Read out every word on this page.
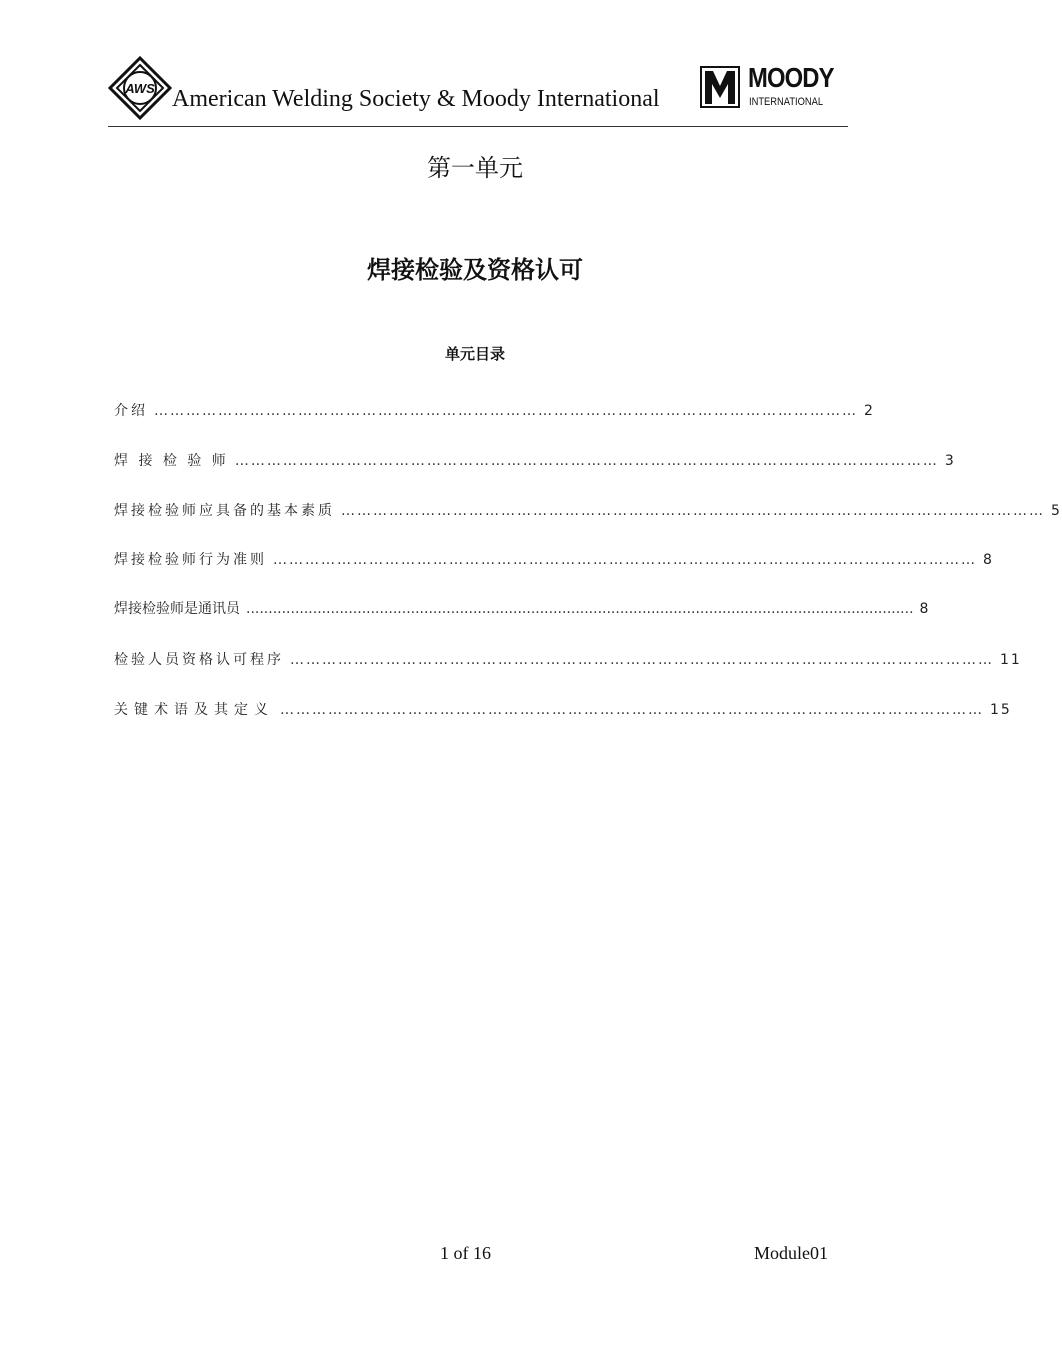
AWS American Welding Society & Moody International
MOODY
INTERNATIONAL
第一单元
焊接检验及资格认可
单元目录
介绍 …………………………………………………………………………………………………………………… 2
焊 接 检 验 师 …………………………………………………………………………………………………………………… 3
焊接检验师应具备的基本素质 …………………………………………………………………………………………………………………… 5
焊接检验师行为准则 …………………………………………………………………………………………………………………… 8
焊接检验师是通讯员 ...................................................................................................................................................... 8
检验人员资格认可程序 …………………………………………………………………………………………………………………… 11
关键术语及其定义 …………………………………………………………………………………………………………………… 15
1 of 16	Module01
